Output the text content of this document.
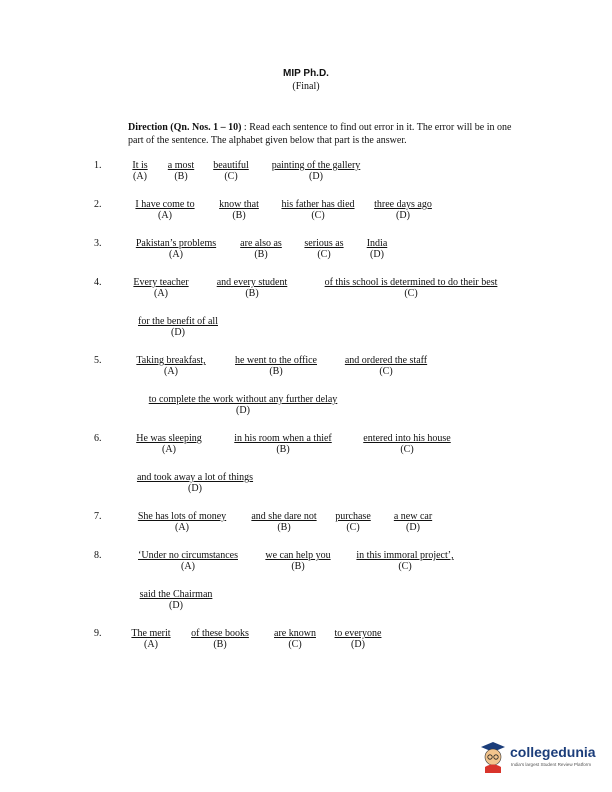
MIP Ph.D.
(Final)
Direction (Qn. Nos. 1 – 10) : Read each sentence to find out error in it. The error will be in one part of the sentence. The alphabet given below that part is the answer.
1.	It is
(A)
a most
(B)
beautiful
(C)
painting of the gallery
(D)
2.	I have come to
(A)
know that
(B)
his father has died
(C)
three days ago
(D)
3.	Pakistan’s problems
(A)
are also as
(B)
serious as
(C)
India
(D)
4.	Every teacher
(A)
and every student
(B)
of this school is determined to do their best
(C)
for the benefit of all
(D)
5.	Taking breakfast,
(A)
he went to the office
(B)
and ordered the staff
(C)
to complete the work without any further delay
(D)
6.	He was sleeping
(A)
in his room when a thief
(B)
entered into his house
(C)
and took away a lot of things
(D)
7.	She has lots of money
(A)
and she dare not
(B)
purchase
(C)
a new car
(D)
8.	‘Under no circumstances
(A)
we can help you
(B)
in this immoral project’,
(C)
said the Chairman
(D)
9.	The merit
(A)
of these books
(B)
are known
(C)
to everyone
(D)
collegedunia
India's largest Student Review Platform
